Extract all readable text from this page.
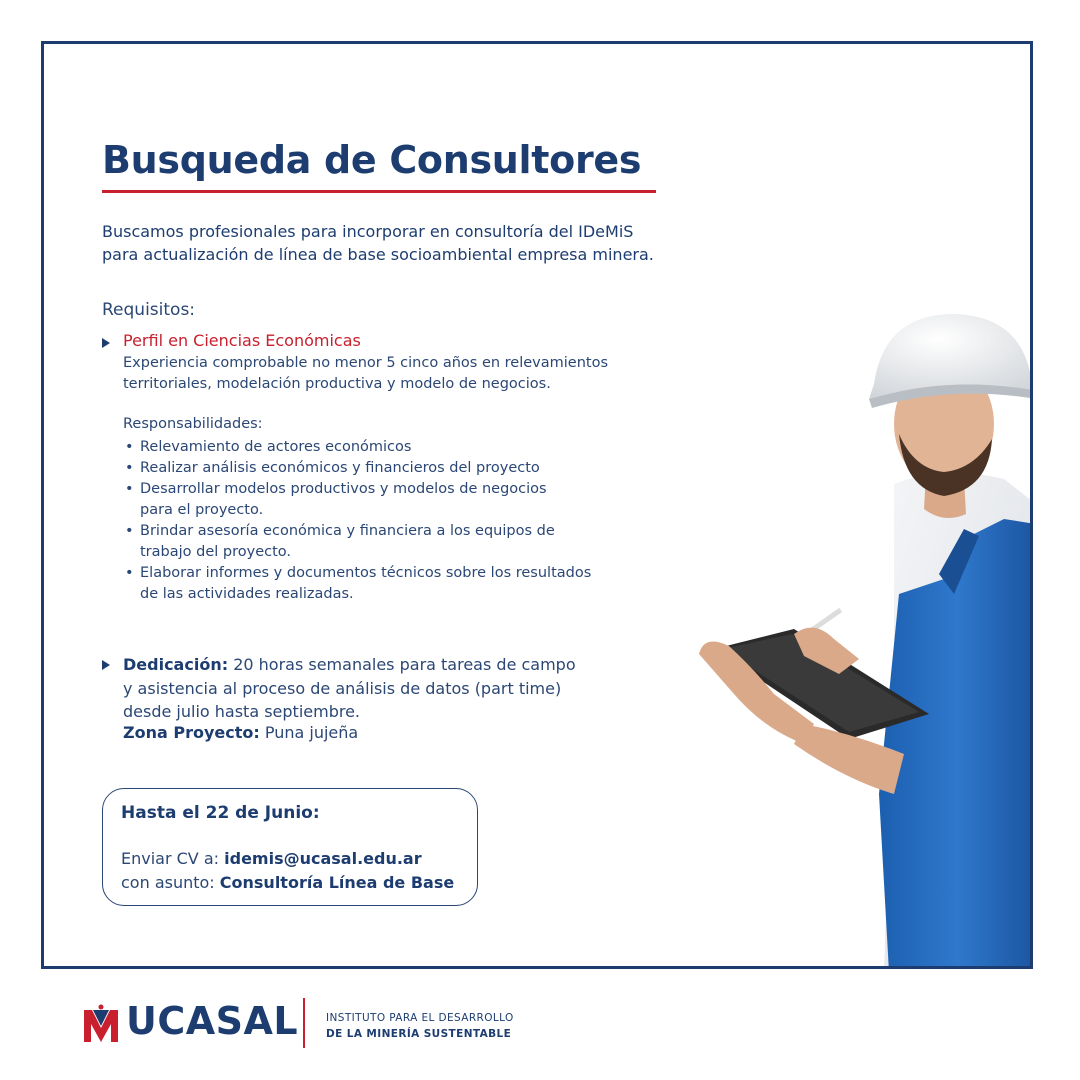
Busqueda de Consultores

Buscamos profesionales para incorporar en consultoría del IDeMiS
para actualización de línea de base socioambiental empresa minera.

Requisitos:
Perfil en Ciencias Económicas

Experiencia comprobable no menor 5 cinco años en relevamientos
territoriales, modelación productiva y modelo de negocios.

Responsabilidades:
• Relevamiento de actores económicos
• Realizar análisis económicos y financieros del proyecto
• Desarrollar modelos productivos y modelos de negocios
para el proyecto.
• Brindar asesoría económica y financiera a los equipos de
trabajo del proyecto.
• Elaborar informes y documentos técnicos sobre los resultados
de las actividades realizadas.

Dedicación: 20 horas semanales para tareas de campo
y asistencia al proceso de análisis de datos (part time)
desde julio hasta septiembre.

Zona Proyecto: Puna jujeña
Hasta el 22 de Junio:
Enviar CV a: idemis@ucasal.edu.ar
con asunto: Consultoría Línea de Base
UCASAL	INSTITUTO PARA EL DESARROLLO
DE LA MINERÍA SUSTENTABLE
